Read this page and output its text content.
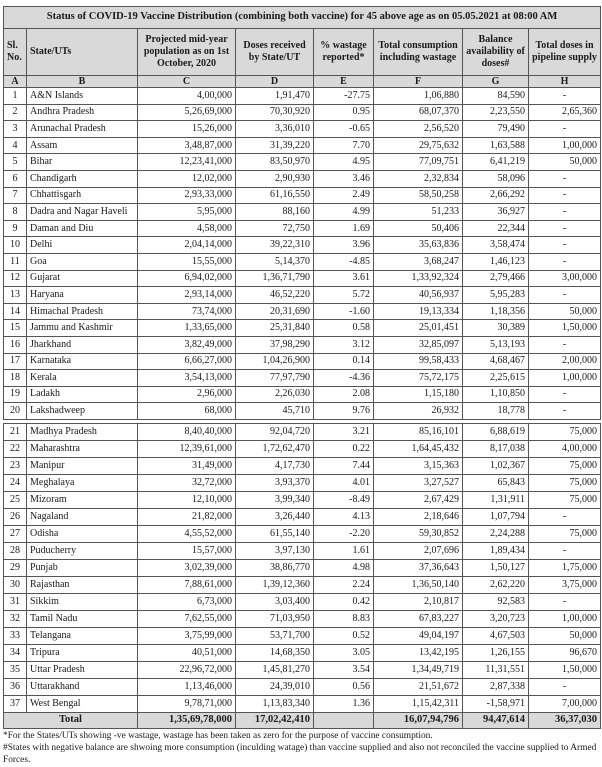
Status of COVID-19 Vaccine Distribution (combining both vaccine) for 45 above age as on 05.05.2021 at 08:00 AM							
Sl. No.	State/UTs	Projected mid-year population as on 1st October, 2020	Doses received by State/UT	% wastage reported*	Total consumption including wastage	Balance availability of doses#	Total doses in pipeline supply
A	B	C	D	E	F	G	H
1	A&N Islands	4,00,000	1,91,470	-27.75	1,06,880	84,590	-
2	Andhra Pradesh	5,26,69,000	70,30,920	0.95	68,07,370	2,23,550	2,65,360
3	Arunachal Pradesh	15,26,000	3,36,010	-0.65	2,56,520	79,490	-
4	Assam	3,48,87,000	31,39,220	7.70	29,75,632	1,63,588	1,00,000
5	Bihar	12,23,41,000	83,50,970	4.95	77,09,751	6,41,219	50,000
6	Chandigarh	12,02,000	2,90,930	3.46	2,32,834	58,096	-
7	Chhattisgarh	2,93,33,000	61,16,550	2.49	58,50,258	2,66,292	-
8	Dadra and Nagar Haveli	5,95,000	88,160	4.99	51,233	36,927	-
9	Daman and Diu	4,58,000	72,750	1.69	50,406	22,344	-
10	Delhi	2,04,14,000	39,22,310	3.96	35,63,836	3,58,474	-
11	Goa	15,55,000	5,14,370	-4.85	3,68,247	1,46,123	-
12	Gujarat	6,94,02,000	1,36,71,790	3.61	1,33,92,324	2,79,466	3,00,000
13	Haryana	2,93,14,000	46,52,220	5.72	40,56,937	5,95,283	-
14	Himachal Pradesh	73,74,000	20,31,690	-1.60	19,13,334	1,18,356	50,000
15	Jammu and Kashmir	1,33,65,000	25,31,840	0.58	25,01,451	30,389	1,50,000
16	Jharkhand	3,82,49,000	37,98,290	3.12	32,85,097	5,13,193	-
17	Karnataka	6,66,27,000	1,04,26,900	0.14	99,58,433	4,68,467	2,00,000
18	Kerala	3,54,13,000	77,97,790	-4.36	75,72,175	2,25,615	1,00,000
19	Ladakh	2,96,000	2,26,030	2.08	1,15,180	1,10,850	-
20	Lakshadweep	68,000	45,710	9.76	26,932	18,778	-
21	Madhya Pradesh	8,40,40,000	92,04,720	3.21	85,16,101	6,88,619	75,000
22	Maharashtra	12,39,61,000	1,72,62,470	0.22	1,64,45,432	8,17,038	4,00,000
23	Manipur	31,49,000	4,17,730	7.44	3,15,363	1,02,367	75,000
24	Meghalaya	32,72,000	3,93,370	4.01	3,27,527	65,843	75,000
25	Mizoram	12,10,000	3,99,340	-8.49	2,67,429	1,31,911	75,000
26	Nagaland	21,82,000	3,26,440	4.13	2,18,646	1,07,794	-
27	Odisha	4,55,52,000	61,55,140	-2.20	59,30,852	2,24,288	75,000
28	Puducherry	15,57,000	3,97,130	1.61	2,07,696	1,89,434	-
29	Punjab	3,02,39,000	38,86,770	4.98	37,36,643	1,50,127	1,75,000
30	Rajasthan	7,88,61,000	1,39,12,360	2.24	1,36,50,140	2,62,220	3,75,000
31	Sikkim	6,73,000	3,03,400	0.42	2,10,817	92,583	-
32	Tamil Nadu	7,62,55,000	71,03,950	8.83	67,83,227	3,20,723	1,00,000
33	Telangana	3,75,99,000	53,71,700	0.52	49,04,197	4,67,503	50,000
34	Tripura	40,51,000	14,68,350	3.05	13,42,195	1,26,155	96,670
35	Uttar Pradesh	22,96,72,000	1,45,81,270	3.54	1,34,49,719	11,31,551	1,50,000
36	Uttarakhand	1,13,46,000	24,39,010	0.56	21,51,672	2,87,338	-
37	West Bengal	9,78,71,000	1,13,83,340	1.36	1,15,42,311	-1,58,971	7,00,000
Total		1,35,69,78,000	17,02,42,410		16,07,94,796	94,47,614	36,37,030
*For the States/UTs showing -ve wastage, wastage has been taken as zero for the purpose of vaccine consumption.
#States with negative balance are shwoing more consumption (inculding watage) than vaccine supplied and also not reconciled the vaccine supplied to Armed Forces.
